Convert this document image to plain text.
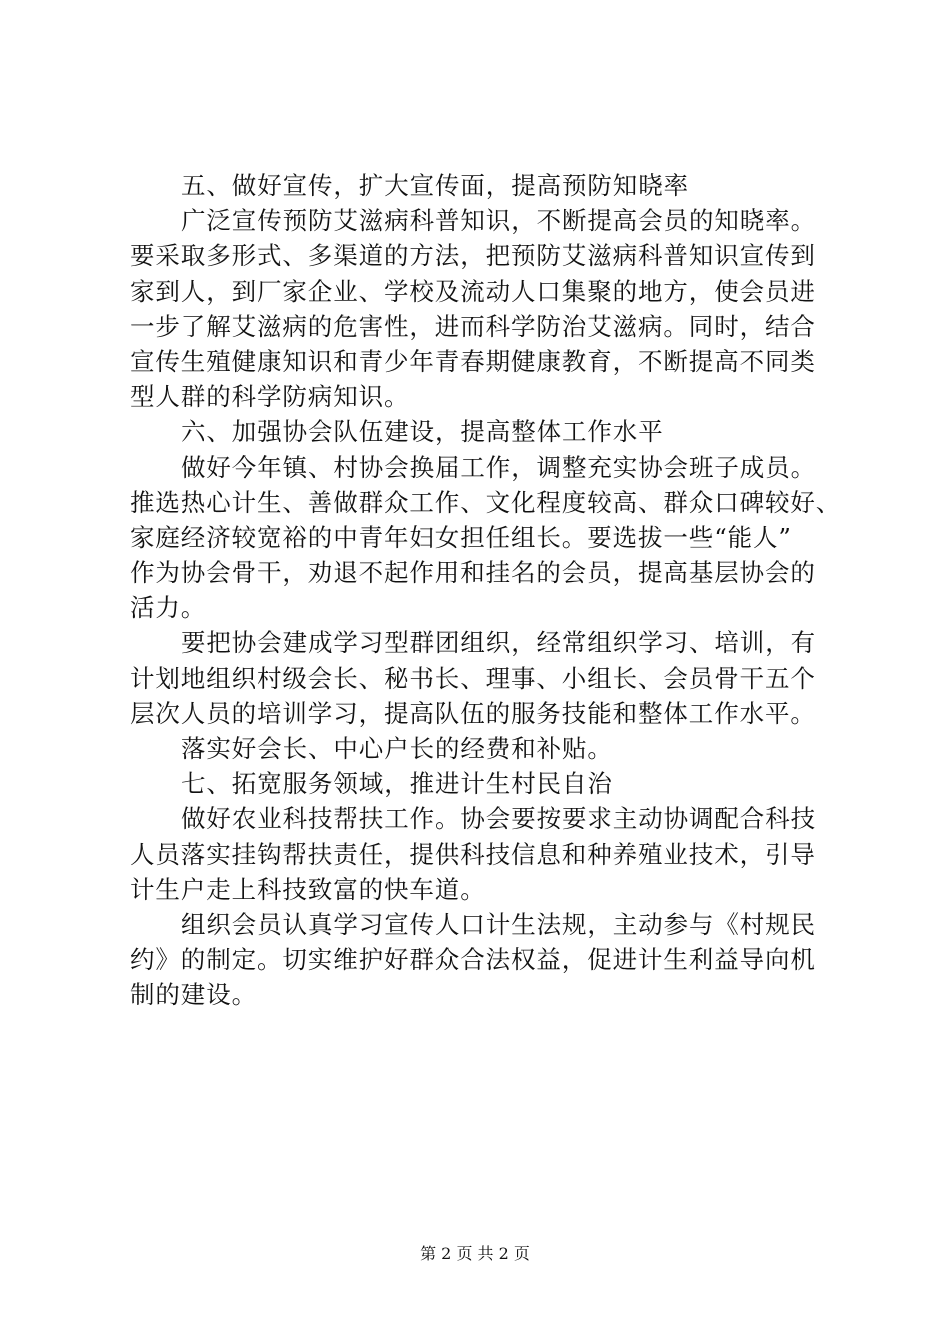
五、做好宣传，扩大宣传面，提高预防知晓率
广泛宣传预防艾滋病科普知识，不断提高会员的知晓率。
要采取多形式、多渠道的方法，把预防艾滋病科普知识宣传到
家到人，到厂家企业、学校及流动人口集聚的地方，使会员进
一步了解艾滋病的危害性，进而科学防治艾滋病。同时，结合
宣传生殖健康知识和青少年青春期健康教育，不断提高不同类
型人群的科学防病知识。
六、加强协会队伍建设，提高整体工作水平
做好今年镇、村协会换届工作，调整充实协会班子成员。
推选热心计生、善做群众工作、文化程度较高、群众口碑较好、
家庭经济较宽裕的中青年妇女担任组长。要选拔一些“能人”
作为协会骨干，劝退不起作用和挂名的会员，提高基层协会的
活力。
要把协会建成学习型群团组织，经常组织学习、培训，有
计划地组织村级会长、秘书长、理事、小组长、会员骨干五个
层次人员的培训学习，提高队伍的服务技能和整体工作水平。
落实好会长、中心户长的经费和补贴。
七、拓宽服务领域，推进计生村民自治
做好农业科技帮扶工作。协会要按要求主动协调配合科技
人员落实挂钩帮扶责任，提供科技信息和种养殖业技术，引导
计生户走上科技致富的快车道。
组织会员认真学习宣传人口计生法规，主动参与《村规民
约》的制定。切实维护好群众合法权益，促进计生利益导向机
制的建设。
第 2 页 共 2 页
